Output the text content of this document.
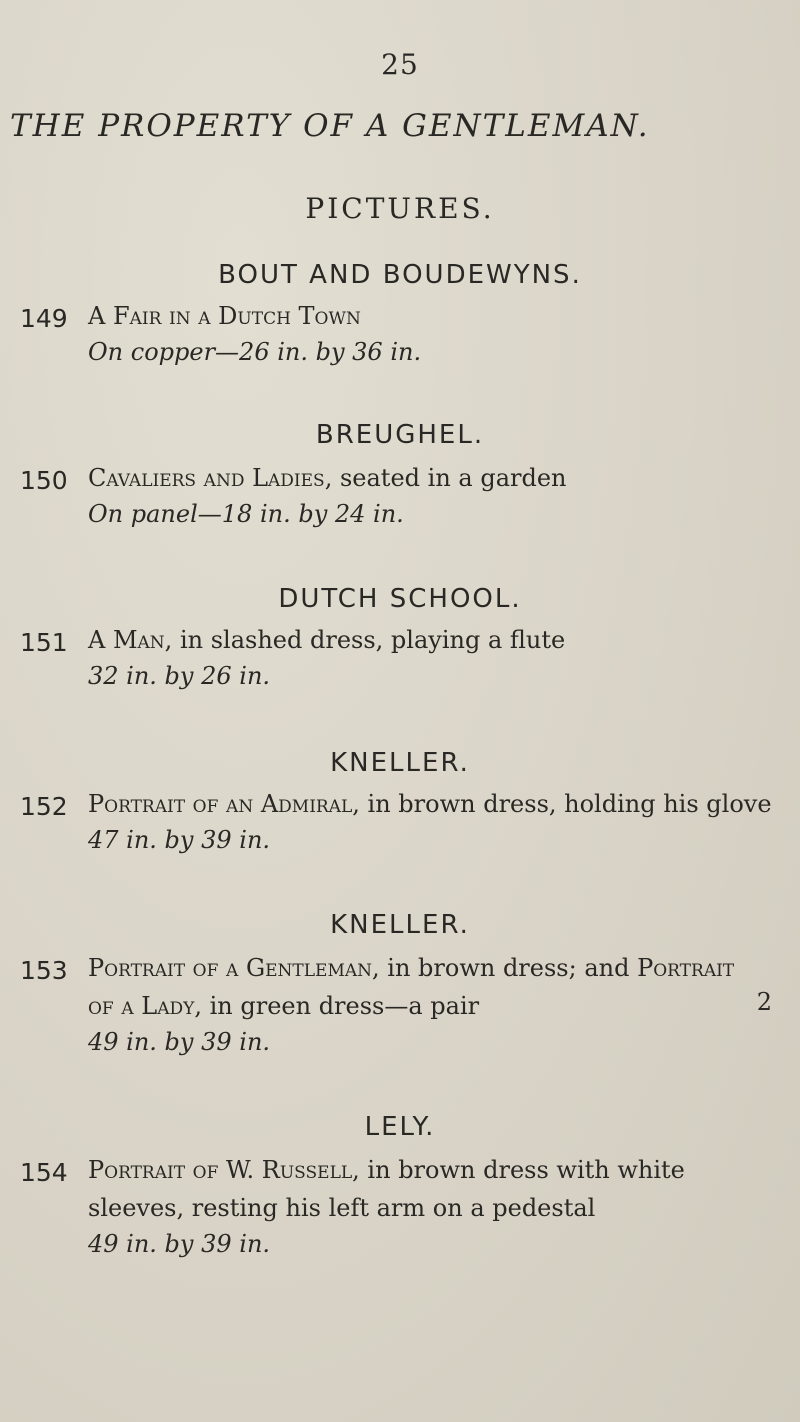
25
THE PROPERTY OF A GENTLEMAN.
PICTURES.
BOUT AND BOUDEWYNS.
149 A Fair in a Dutch Town
On copper—26 in. by 36 in.
BREUGHEL.
150 Cavaliers and Ladies, seated in a garden
On panel—18 in. by 24 in.
DUTCH SCHOOL.
151 A Man, in slashed dress, playing a flute
32 in. by 26 in.
KNELLER.
152 Portrait of an Admiral, in brown dress, holding his glove
47 in. by 39 in.
KNELLER.
153 Portrait of a Gentleman, in brown dress; and Portrait
of a Lady, in green dress—a pair	2
49 in. by 39 in.
LELY.
154 Portrait of W. Russell, in brown dress with white
sleeves, resting his left arm on a pedestal
49 in. by 39 in.
